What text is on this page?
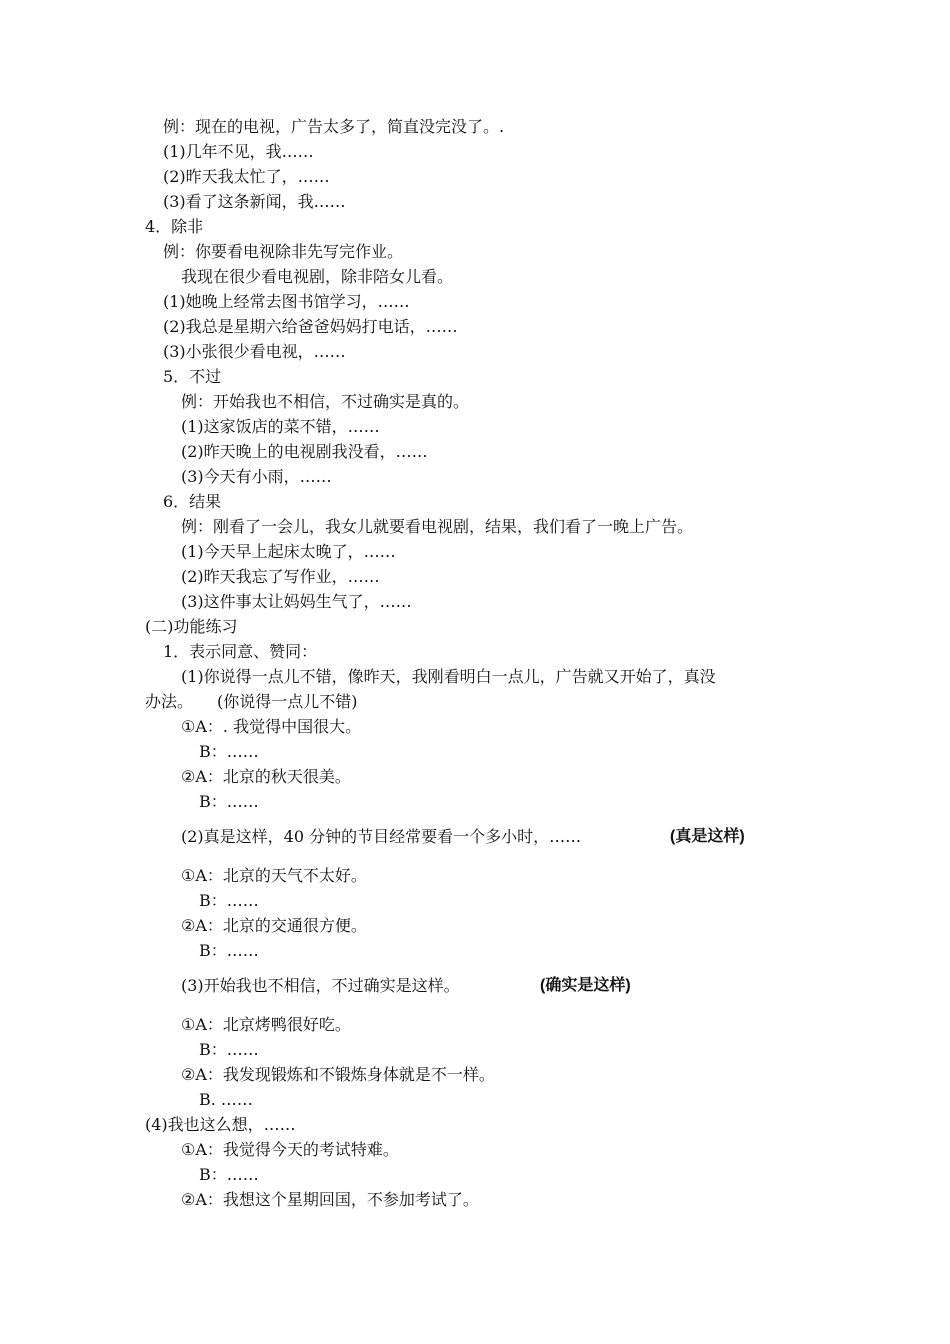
例：现在的电视，广告太多了，简直没完没了。.
(1)几年不见，我……
(2)昨天我太忙了，……
(3)看了这条新闻，我……
4．除非
例：你要看电视除非先写完作业。
我现在很少看电视剧，除非陪女儿看。
(1)她晚上经常去图书馆学习，……
(2)我总是星期六给爸爸妈妈打电话，……
(3)小张很少看电视，……
5．不过
例：开始我也不相信，不过确实是真的。
(1)这家饭店的菜不错，……
(2)昨天晚上的电视剧我没看，……
(3)今天有小雨，……
6．结果
例：刚看了一会儿，我女儿就要看电视剧，结果，我们看了一晚上广告。
(1)今天早上起床太晚了，……
(2)昨天我忘了写作业，……
(3)这件事太让妈妈生气了，……
(二)功能练习
1．表示同意、赞同：
(1)你说得一点儿不错，像昨天，我刚看明白一点儿，广告就又开始了，真没
办法。　　(你说得一点儿不错)
①A：. 我觉得中国很大。
B：……
②A：北京的秋天很美。
B：……
(2)真是这样，40 分钟的节目经常要看一个多小时，……	(真是这样)
①A：北京的天气不太好。
B：……
②A：北京的交通很方便。
B：……
(3)开始我也不相信，不过确实是这样。	(确实是这样)
①A：北京烤鸭很好吃。
B：……
②A：我发现锻炼和不锻炼身体就是不一样。
B. ……
(4)我也这么想，……
①A：我觉得今天的考试特难。
B：……
②A：我想这个星期回国，不参加考试了。
